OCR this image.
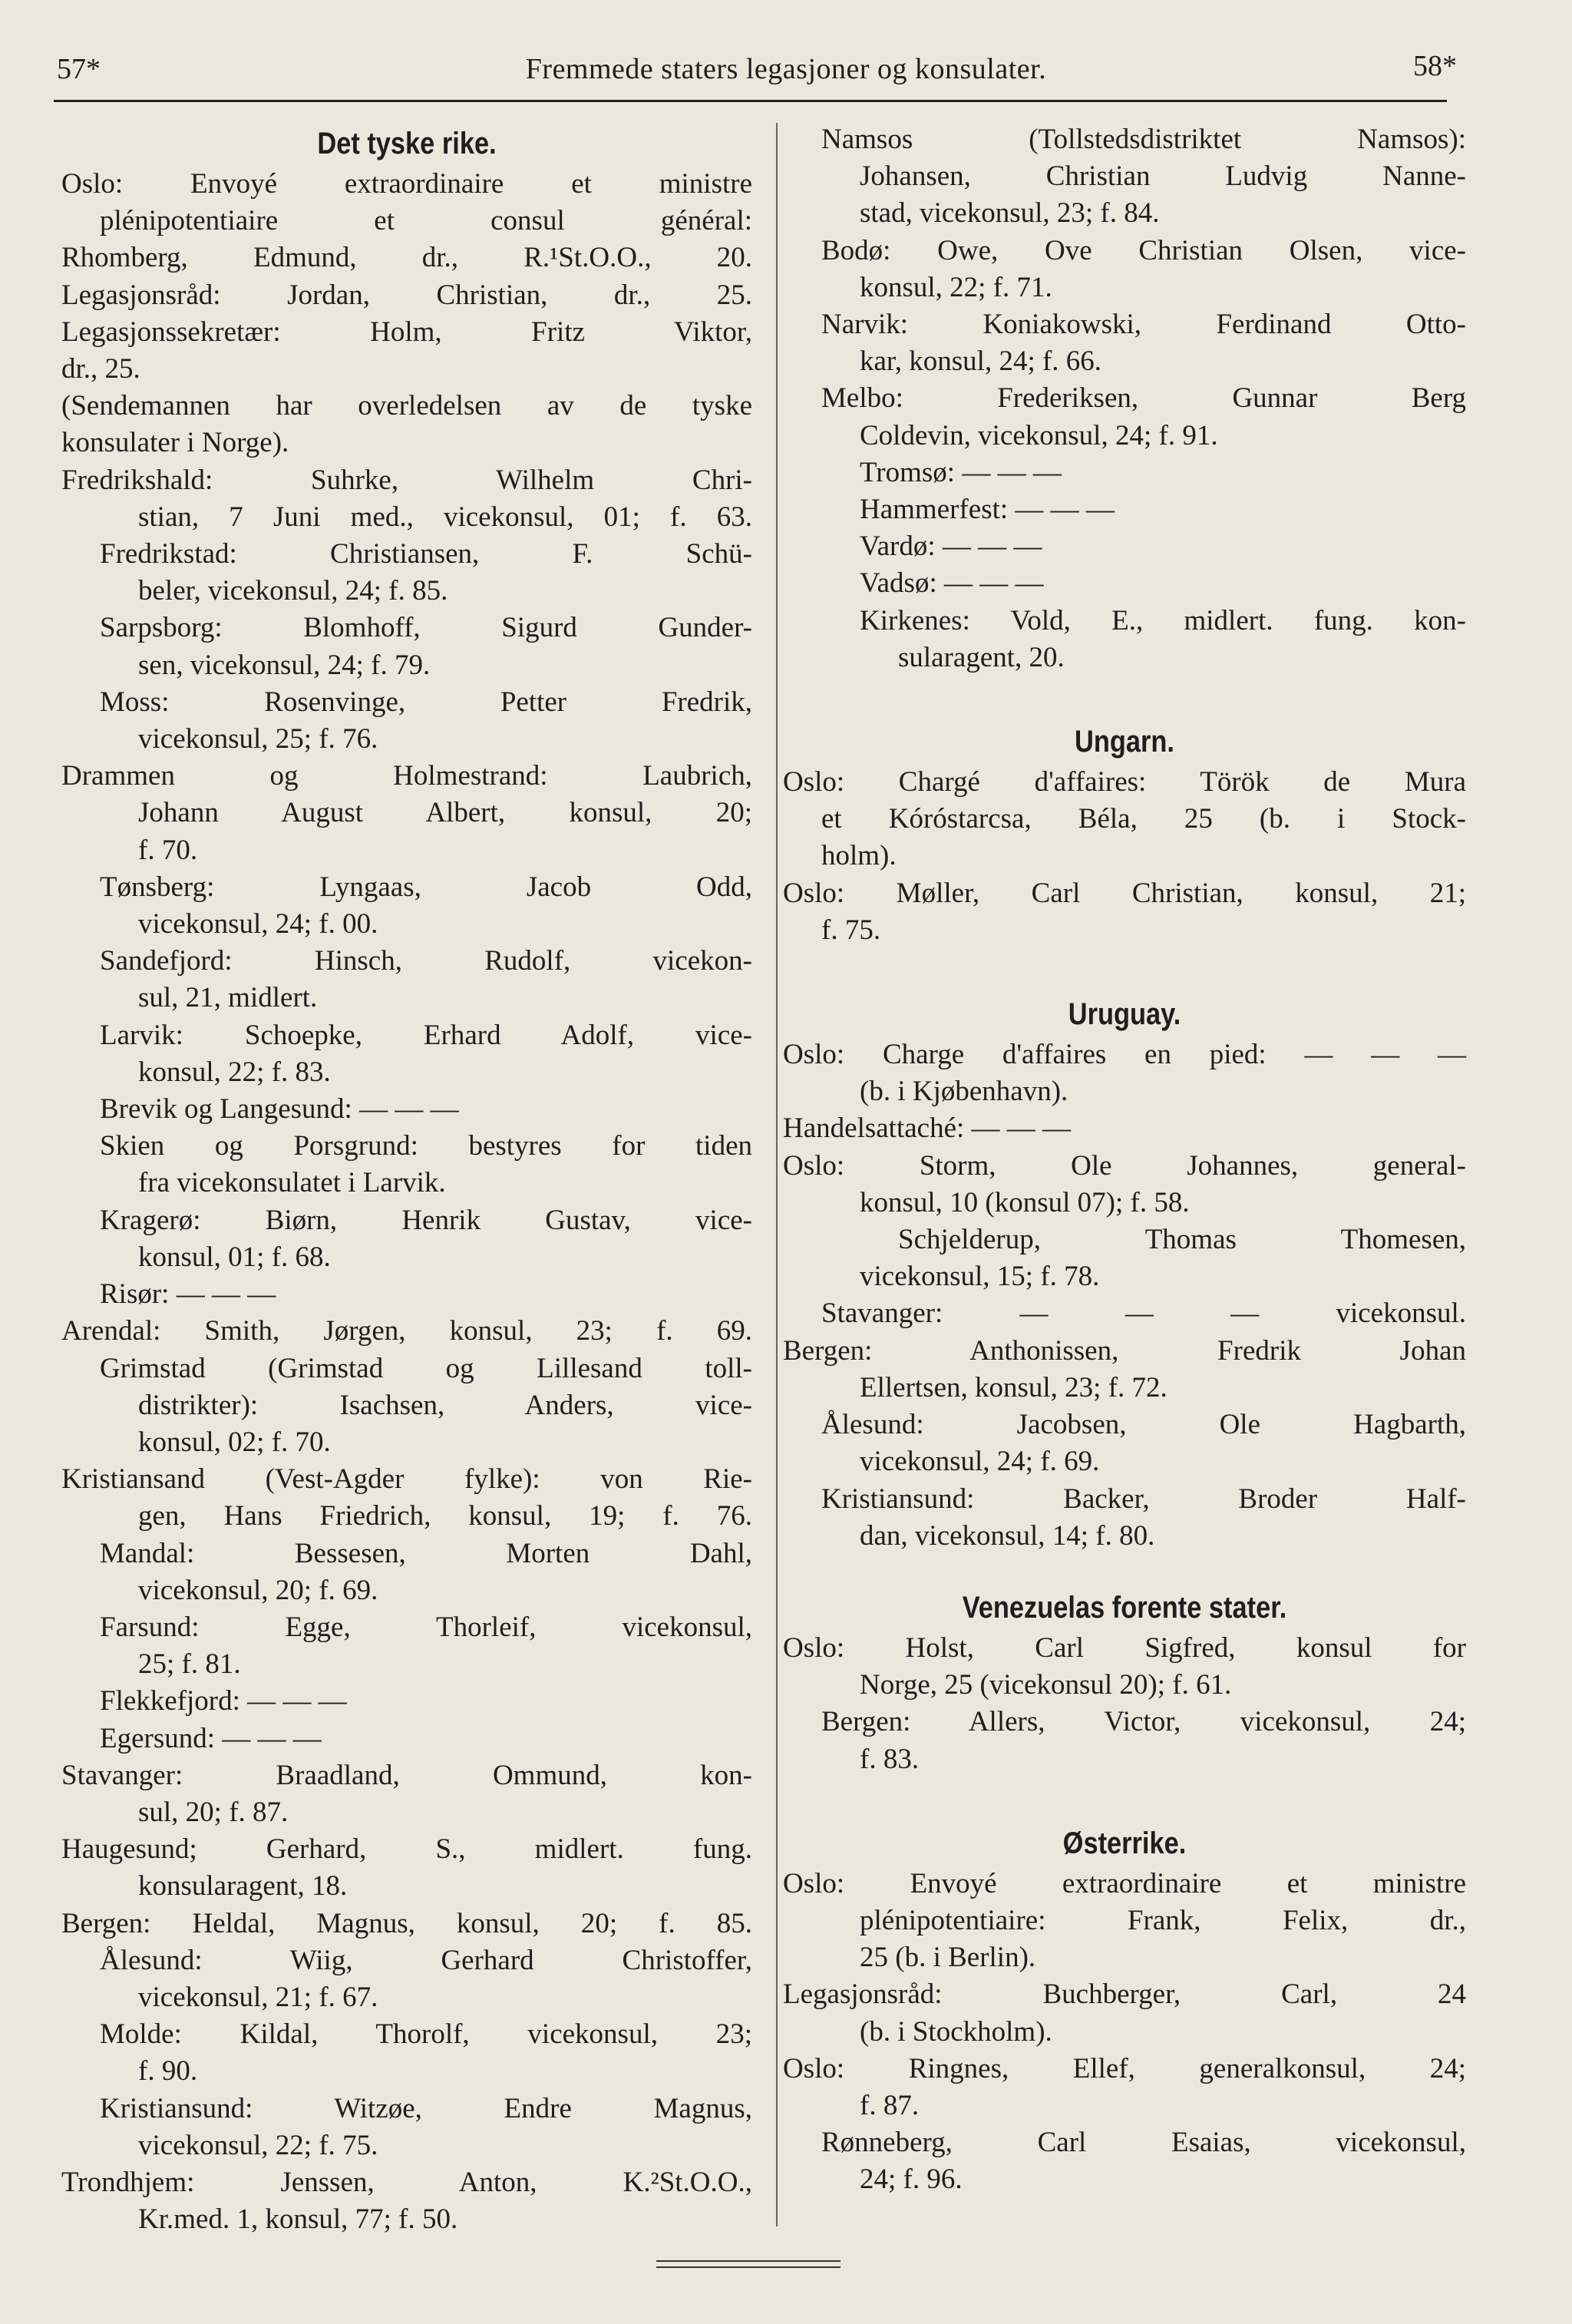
57*	Fremmede staters legasjoner og konsulater.	58*
Det tyske rike.
Oslo: Envoyé extraordinaire et ministre
plénipotentiaire et consul général:
Rhomberg, Edmund, dr., R.¹St.O.O., 20.
Legasjonsråd: Jordan, Christian, dr., 25.
Legasjonssekretær: Holm, Fritz Viktor,
dr., 25.
(Sendemannen har overledelsen av de tyske
konsulater i Norge).
Fredrikshald: Suhrke, Wilhelm Chri-
stian, 7 Juni med., vicekonsul, 01; f. 63.
Fredrikstad: Christiansen, F. Schü-
beler, vicekonsul, 24; f. 85.
Sarpsborg: Blomhoff, Sigurd Gunder-
sen, vicekonsul, 24; f. 79.
Moss: Rosenvinge, Petter Fredrik,
vicekonsul, 25; f. 76.
Drammen og Holmestrand: Laubrich,
Johann August Albert, konsul, 20;
f. 70.
Tønsberg: Lyngaas, Jacob Odd,
vicekonsul, 24; f. 00.
Sandefjord: Hinsch, Rudolf, vicekon-
sul, 21, midlert.
Larvik: Schoepke, Erhard Adolf, vice-
konsul, 22; f. 83.
Brevik og Langesund: — — —
Skien og Porsgrund: bestyres for tiden
fra vicekonsulatet i Larvik.
Kragerø: Biørn, Henrik Gustav, vice-
konsul, 01; f. 68.
Risør: — — —
Arendal: Smith, Jørgen, konsul, 23; f. 69.
Grimstad (Grimstad og Lillesand toll-
distrikter): Isachsen, Anders, vice-
konsul, 02; f. 70.
Kristiansand (Vest-Agder fylke): von Rie-
gen, Hans Friedrich, konsul, 19; f. 76.
Mandal: Bessesen, Morten Dahl,
vicekonsul, 20; f. 69.
Farsund: Egge, Thorleif, vicekonsul,
25; f. 81.
Flekkefjord: — — —
Egersund: — — —
Stavanger: Braadland, Ommund, kon-
sul, 20; f. 87.
Haugesund; Gerhard, S., midlert. fung.
konsularagent, 18.
Bergen: Heldal, Magnus, konsul, 20; f. 85.
Ålesund: Wiig, Gerhard Christoffer,
vicekonsul, 21; f. 67.
Molde: Kildal, Thorolf, vicekonsul, 23;
f. 90.
Kristiansund: Witzøe, Endre Magnus,
vicekonsul, 22; f. 75.
Trondhjem: Jenssen, Anton, K.²St.O.O.,
Kr.med. 1, konsul, 77; f. 50.
Namsos (Tollstedsdistriktet Namsos):
Johansen, Christian Ludvig Nanne-
stad, vicekonsul, 23; f. 84.
Bodø: Owe, Ove Christian Olsen, vice-
konsul, 22; f. 71.
Narvik: Koniakowski, Ferdinand Otto-
kar, konsul, 24; f. 66.
Melbo: Frederiksen, Gunnar Berg
Coldevin, vicekonsul, 24; f. 91.
Tromsø: — — —
Hammerfest: — — —
Vardø: — — —
Vadsø: — — —
Kirkenes: Vold, E., midlert. fung. kon-
sularagent, 20.
Ungarn.
Oslo: Chargé d'affaires: Török de Mura
et Kóróstarcsa, Béla, 25 (b. i Stock-
holm).
Oslo: Møller, Carl Christian, konsul, 21;
f. 75.
Uruguay.
Oslo: Charge d'affaires en pied: — — —
(b. i Kjøbenhavn).
Handelsattaché: — — —
Oslo: Storm, Ole Johannes, general-
konsul, 10 (konsul 07); f. 58.
Schjelderup, Thomas Thomesen,
vicekonsul, 15; f. 78.
Stavanger: — — — vicekonsul.
Bergen: Anthonissen, Fredrik Johan
Ellertsen, konsul, 23; f. 72.
Ålesund: Jacobsen, Ole Hagbarth,
vicekonsul, 24; f. 69.
Kristiansund: Backer, Broder Half-
dan, vicekonsul, 14; f. 80.
Venezuelas forente stater.
Oslo: Holst, Carl Sigfred, konsul for
Norge, 25 (vicekonsul 20); f. 61.
Bergen: Allers, Victor, vicekonsul, 24;
f. 83.
Østerrike.
Oslo: Envoyé extraordinaire et ministre
plénipotentiaire: Frank, Felix, dr.,
25 (b. i Berlin).
Legasjonsråd: Buchberger, Carl, 24
(b. i Stockholm).
Oslo: Ringnes, Ellef, generalkonsul, 24;
f. 87.
Rønneberg, Carl Esaias, vicekonsul,
24; f. 96.
